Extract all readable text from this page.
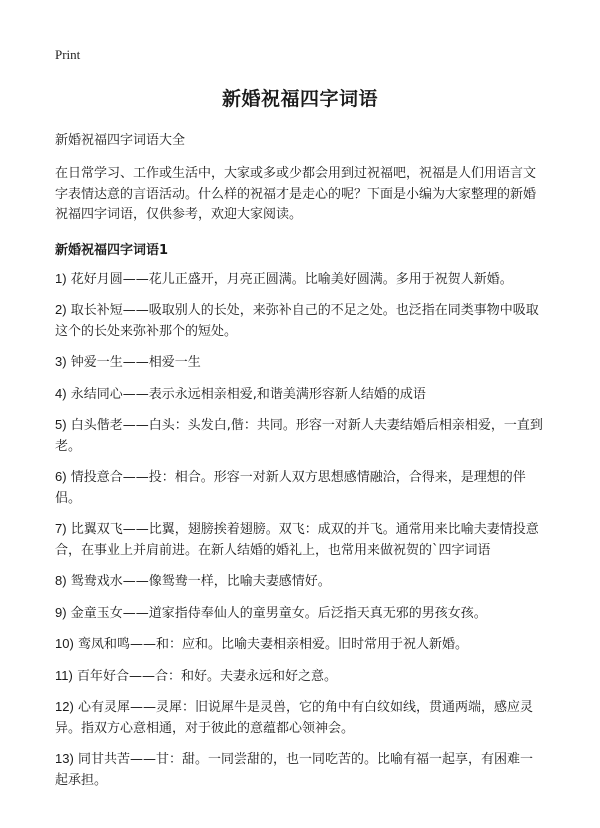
Print
新婚祝福四字词语

新婚祝福四字词语大全

在日常学习、工作或生活中，大家或多或少都会用到过祝福吧，祝福是人们用语言文字表情达意的言语活动。什么样的祝福才是走心的呢？下面是小编为大家整理的新婚祝福四字词语，仅供参考，欢迎大家阅读。

新婚祝福四字词语1

1) 花好月圆——花儿正盛开，月亮正圆满。比喻美好圆满。多用于祝贺人新婚。
2) 取长补短——吸取别人的长处，来弥补自己的不足之处。也泛指在同类事物中吸取这个的长处来弥补那个的短处。
3) 钟爱一生——相爱一生
4) 永结同心——表示永远相亲相爱,和谐美满形容新人结婚的成语
5) 白头偕老——白头：头发白,偕：共同。形容一对新人夫妻结婚后相亲相爱，一直到老。
6) 情投意合——投：相合。形容一对新人双方思想感情融洽，合得来，是理想的伴侣。
7) 比翼双飞——比翼，翅膀挨着翅膀。双飞：成双的并飞。通常用来比喻夫妻情投意合，在事业上并肩前进。在新人结婚的婚礼上，也常用来做祝贺的`四字词语
8) 鸳鸯戏水——像鸳鸯一样，比喻夫妻感情好。
9) 金童玉女——道家指侍奉仙人的童男童女。后泛指天真无邪的男孩女孩。
10) 鸾凤和鸣——和：应和。比喻夫妻相亲相爱。旧时常用于祝人新婚。
11) 百年好合——合：和好。夫妻永远和好之意。
12) 心有灵犀——灵犀：旧说犀牛是灵兽，它的角中有白纹如线，贯通两端，感应灵异。指双方心意相通，对于彼此的意蕴都心领神会。
13) 同甘共苦——甘：甜。一同尝甜的，也一同吃苦的。比喻有福一起享，有困难一起承担。
